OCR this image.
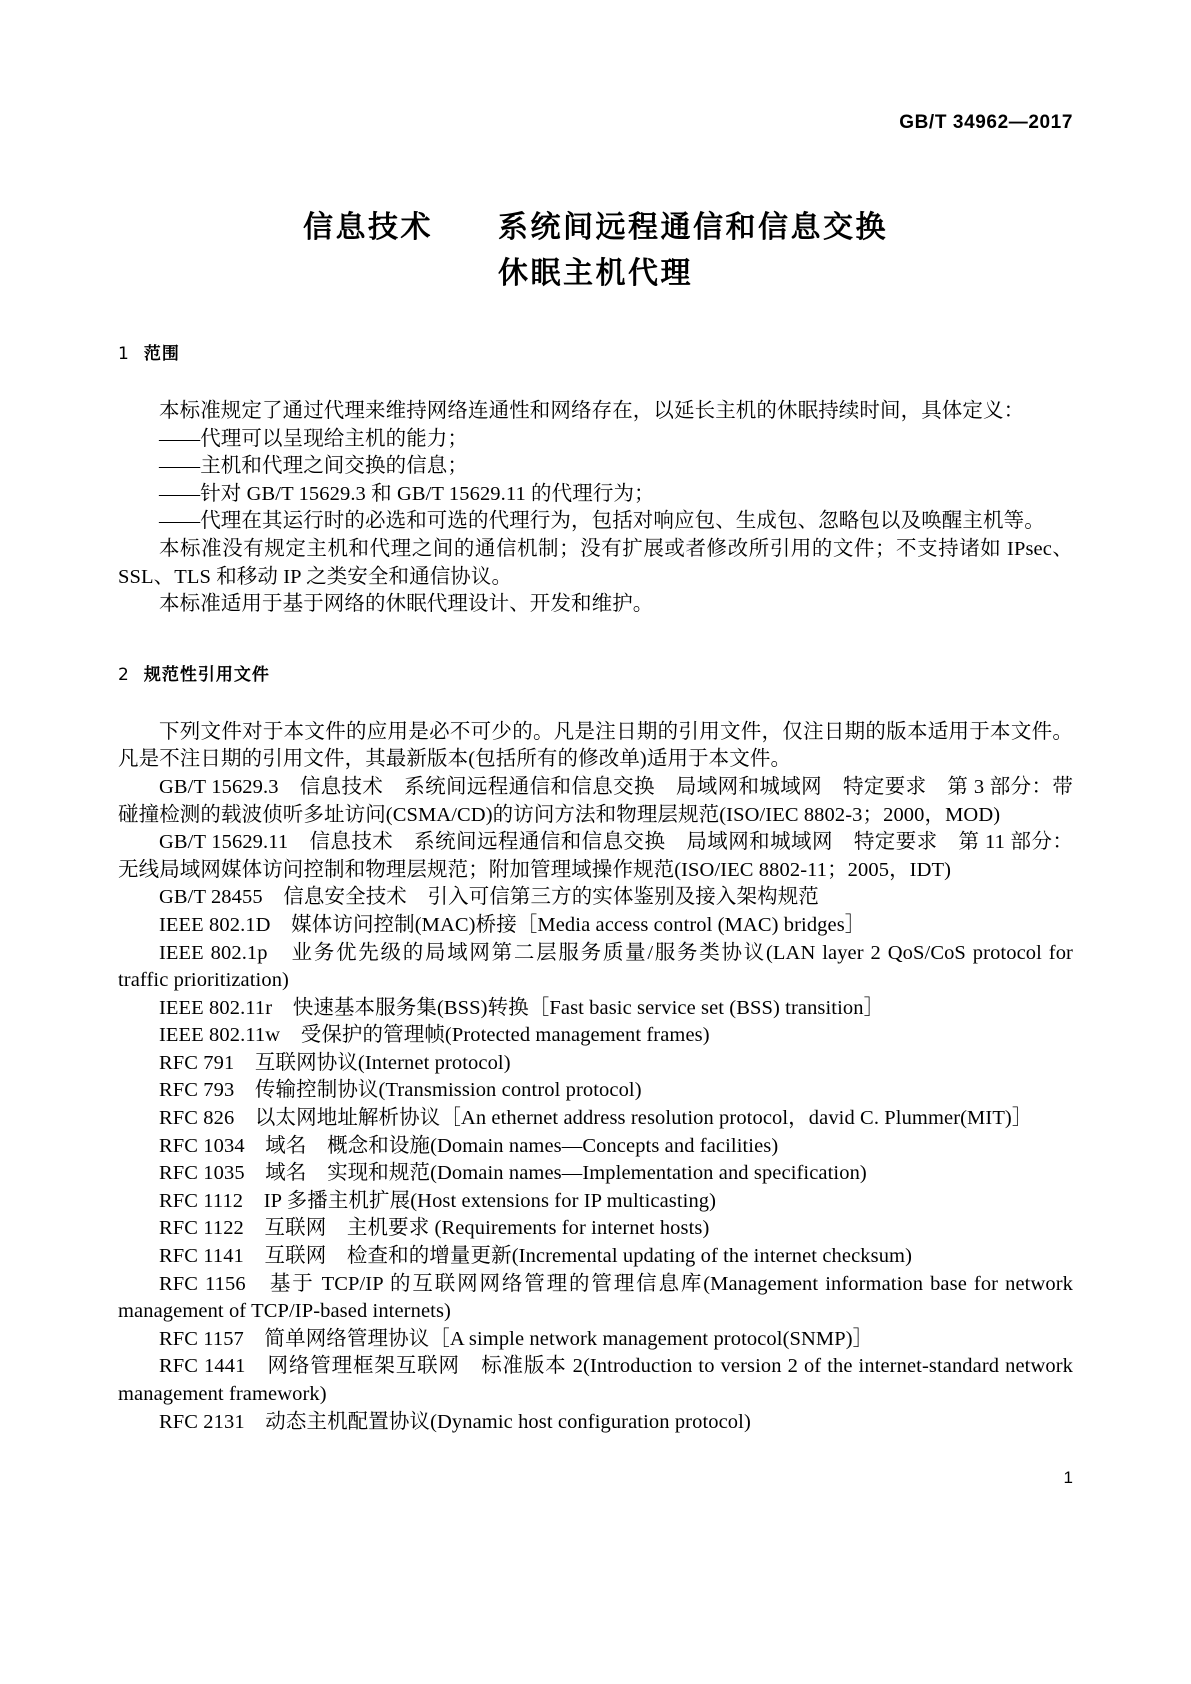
GB/T 34962—2017
信息技术　　系统间远程通信和信息交换
休眠主机代理
1 范围

本标准规定了通过代理来维持网络连通性和网络存在，以延长主机的休眠持续时间，具体定义：

——代理可以呈现给主机的能力；

——主机和代理之间交换的信息；

——针对 GB/T 15629.3 和 GB/T 15629.11 的代理行为；

——代理在其运行时的必选和可选的代理行为，包括对响应包、生成包、忽略包以及唤醒主机等。

本标准没有规定主机和代理之间的通信机制；没有扩展或者修改所引用的文件；不支持诸如 IPsec、SSL、TLS 和移动 IP 之类安全和通信协议。

本标准适用于基于网络的休眠代理设计、开发和维护。

2 规范性引用文件

下列文件对于本文件的应用是必不可少的。凡是注日期的引用文件，仅注日期的版本适用于本文件。凡是不注日期的引用文件，其最新版本(包括所有的修改单)适用于本文件。

GB/T 15629.3　信息技术　系统间远程通信和信息交换　局域网和城域网　特定要求　第 3 部分：带碰撞检测的载波侦听多址访问(CSMA/CD)的访问方法和物理层规范(ISO/IEC 8802-3；2000，MOD)

GB/T 15629.11　信息技术　系统间远程通信和信息交换　局域网和城域网　特定要求　第 11 部分：无线局域网媒体访问控制和物理层规范；附加管理域操作规范(ISO/IEC 8802-11；2005，IDT)

GB/T 28455　信息安全技术　引入可信第三方的实体鉴别及接入架构规范

IEEE 802.1D　媒体访问控制(MAC)桥接［Media access control (MAC) bridges］

IEEE 802.1p　业务优先级的局域网第二层服务质量/服务类协议(LAN layer 2 QoS/CoS protocol for traffic prioritization)

IEEE 802.11r　快速基本服务集(BSS)转换［Fast basic service set (BSS) transition］

IEEE 802.11w　受保护的管理帧(Protected management frames)

RFC 791　互联网协议(Internet protocol)

RFC 793　传输控制协议(Transmission control protocol)

RFC 826　以太网地址解析协议［An ethernet address resolution protocol，david C. Plummer(MIT)］

RFC 1034　域名　概念和设施(Domain names—Concepts and facilities)

RFC 1035　域名　实现和规范(Domain names—Implementation and specification)

RFC 1112　IP 多播主机扩展(Host extensions for IP multicasting)

RFC 1122　互联网　主机要求 (Requirements for internet hosts)

RFC 1141　互联网　检查和的增量更新(Incremental updating of the internet checksum)

RFC 1156　基于 TCP/IP 的互联网网络管理的管理信息库(Management information base for network management of TCP/IP-based internets)

RFC 1157　简单网络管理协议［A simple network management protocol(SNMP)］

RFC 1441　网络管理框架互联网　标准版本 2(Introduction to version 2 of the internet-standard network management framework)

RFC 2131　动态主机配置协议(Dynamic host configuration protocol)

1
